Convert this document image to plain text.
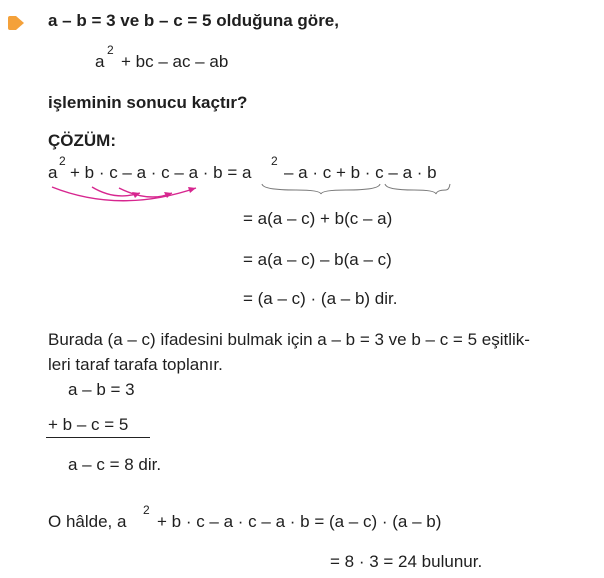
a – b = 3 ve b – c = 5 olduğuna göre,
a
2
+ bc – ac – ab
işleminin sonucu kaçtır?
ÇÖZÜM:
a
2
+ b · c – a · c – a · b = a
2
– a · c + b · c – a · b
= a(a – c) + b(c – a)
= a(a – c) – b(a – c)
= (a – c) · (a – b) dir.
Burada (a – c) ifadesini bulmak için a – b = 3 ve b – c = 5 eşitlik-
leri taraf tarafa toplanır.
a – b = 3
+ b – c = 5
a – c = 8 dir.
O hâlde, a
2
+ b · c – a · c – a · b = (a – c) · (a – b)
= 8 · 3 = 24 bulunur.
